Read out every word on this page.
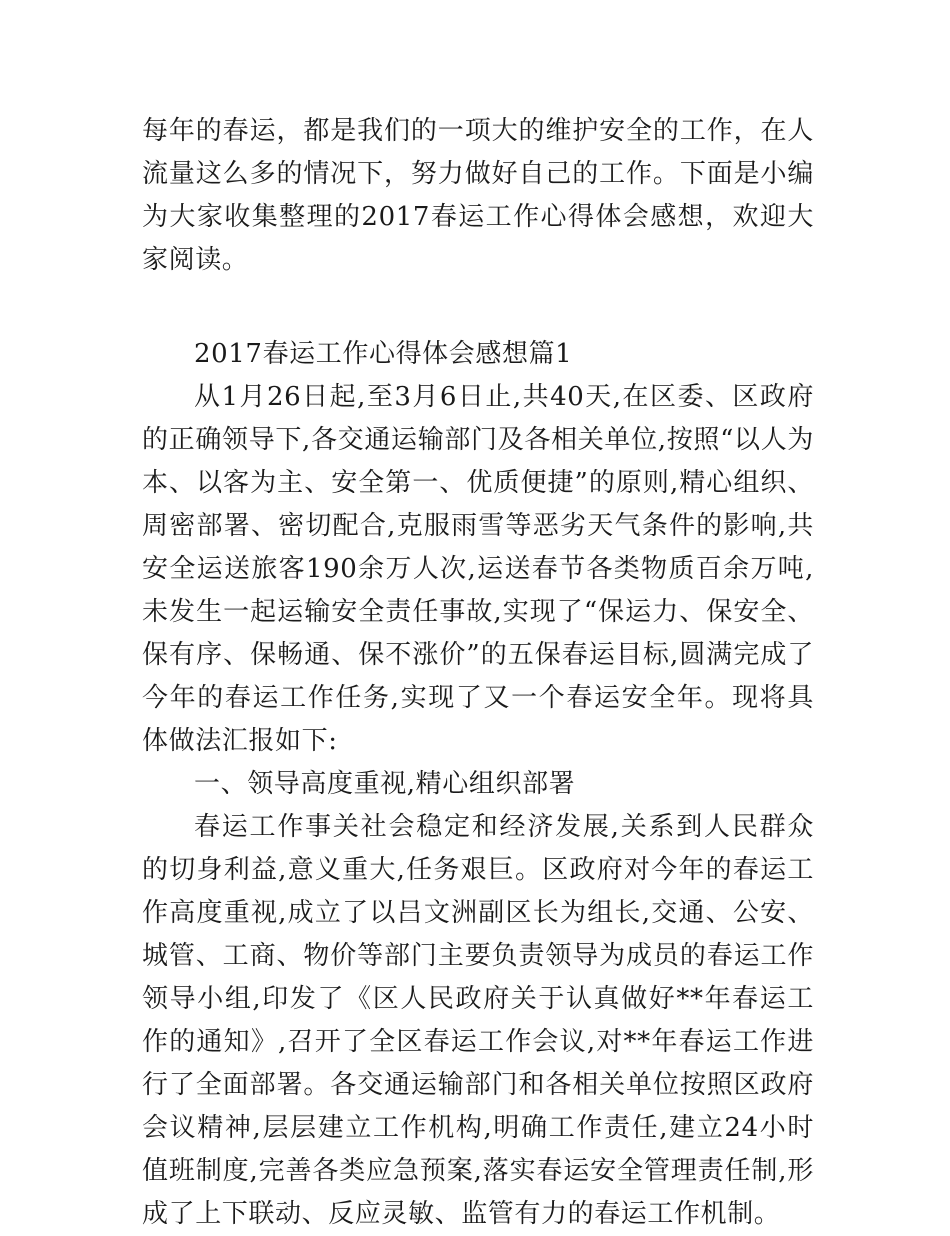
每年的春运，都是我们的一项大的维护安全的工作，在人流量这么多的情况下，努力做好自己的工作。下面是小编为大家收集整理的2017春运工作心得体会感想，欢迎大家阅读。

2017春运工作心得体会感想篇1

从1月26日起,至3月6日止,共40天,在区委、区政府的正确领导下,各交通运输部门及各相关单位,按照“以人为本、以客为主、安全第一、优质便捷”的原则,精心组织、周密部署、密切配合,克服雨雪等恶劣天气条件的影响,共安全运送旅客190余万人次,运送春节各类物质百余万吨,未发生一起运输安全责任事故,实现了“保运力、保安全、保有序、保畅通、保不涨价”的五保春运目标,圆满完成了今年的春运工作任务,实现了又一个春运安全年。现将具体做法汇报如下:

一、领导高度重视,精心组织部署

春运工作事关社会稳定和经济发展,关系到人民群众的切身利益,意义重大,任务艰巨。区政府对今年的春运工作高度重视,成立了以吕文洲副区长为组长,交通、公安、城管、工商、物价等部门主要负责领导为成员的春运工作领导小组,印发了《区人民政府关于认真做好**年春运工作的通知》,召开了全区春运工作会议,对**年春运工作进行了全面部署。各交通运输部门和各相关单位按照区政府会议精神,层层建立工作机构,明确工作责任,建立24小时值班制度,完善各类应急预案,落实春运安全管理责任制,形成了上下联动、反应灵敏、监管有力的春运工作机制。
